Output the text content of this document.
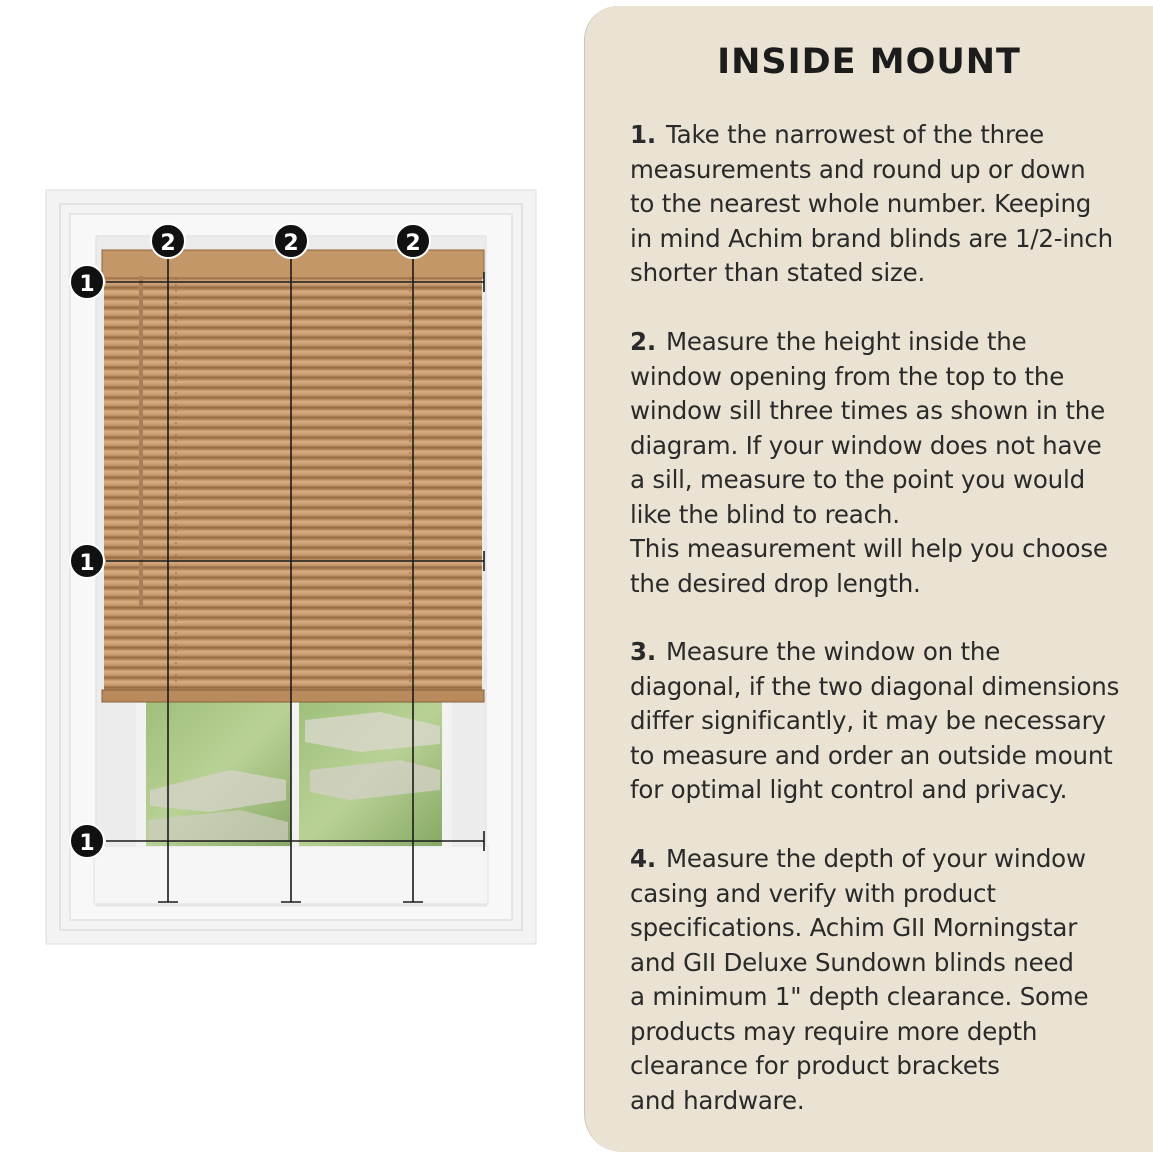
1
1
1
2	2	2
INSIDE MOUNT
1. Take the narrowest of the three
measurements and round up or down
to the nearest whole number. Keeping
in mind Achim brand blinds are 1/2-inch
shorter than stated size.
2. Measure the height inside the
window opening from the top to the
window sill three times as shown in the
diagram. If your window does not have
a sill, measure to the point you would
like the blind to reach.
This measurement will help you choose
the desired drop length.
3. Measure the window on the
diagonal, if the two diagonal dimensions
differ significantly, it may be necessary
to measure and order an outside mount
for optimal light control and privacy.
4. Measure the depth of your window
casing and verify with product
specifications. Achim GII Morningstar
and GII Deluxe Sundown blinds need
a minimum 1" depth clearance. Some
products may require more depth
clearance for product brackets
and hardware.
